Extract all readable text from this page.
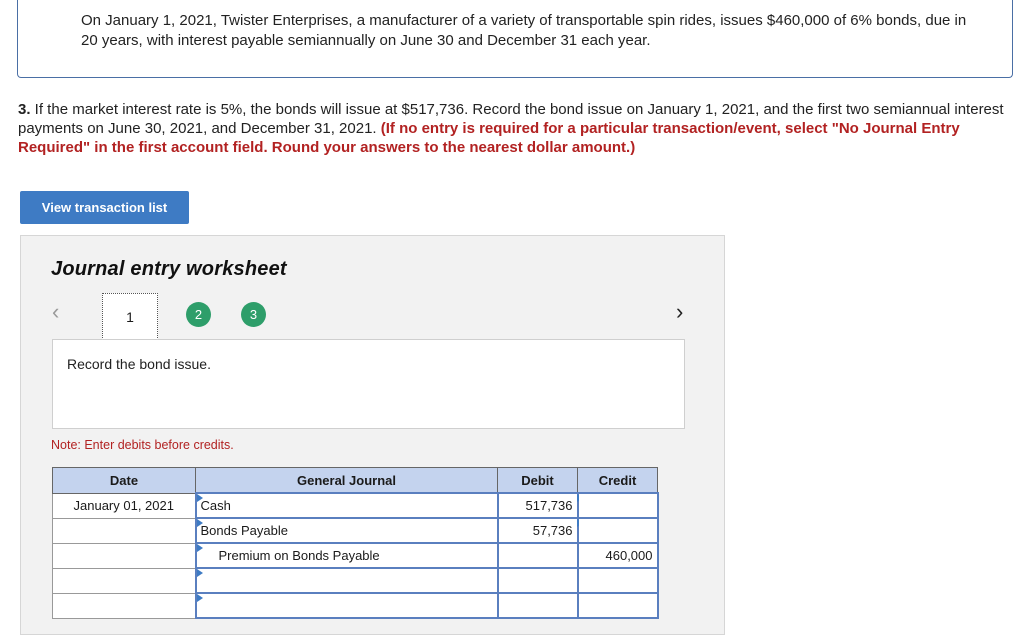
On January 1, 2021, Twister Enterprises, a manufacturer of a variety of transportable spin rides, issues $460,000 of 6% bonds, due in 20 years, with interest payable semiannually on June 30 and December 31 each year.
3. If the market interest rate is 5%, the bonds will issue at $517,736. Record the bond issue on January 1, 2021, and the first two semiannual interest payments on June 30, 2021, and December 31, 2021. (If no entry is required for a particular transaction/event, select "No Journal Entry Required" in the first account field. Round your answers to the nearest dollar amount.)
View transaction list
Journal entry worksheet
‹	1	2	3	›
Record the bond issue.
Note: Enter debits before credits.
Date	General Journal	Debit	Credit
January 01, 2021	Cash	517,736

Bonds Payable	57,736

Premium on Bonds Payable		460,000
